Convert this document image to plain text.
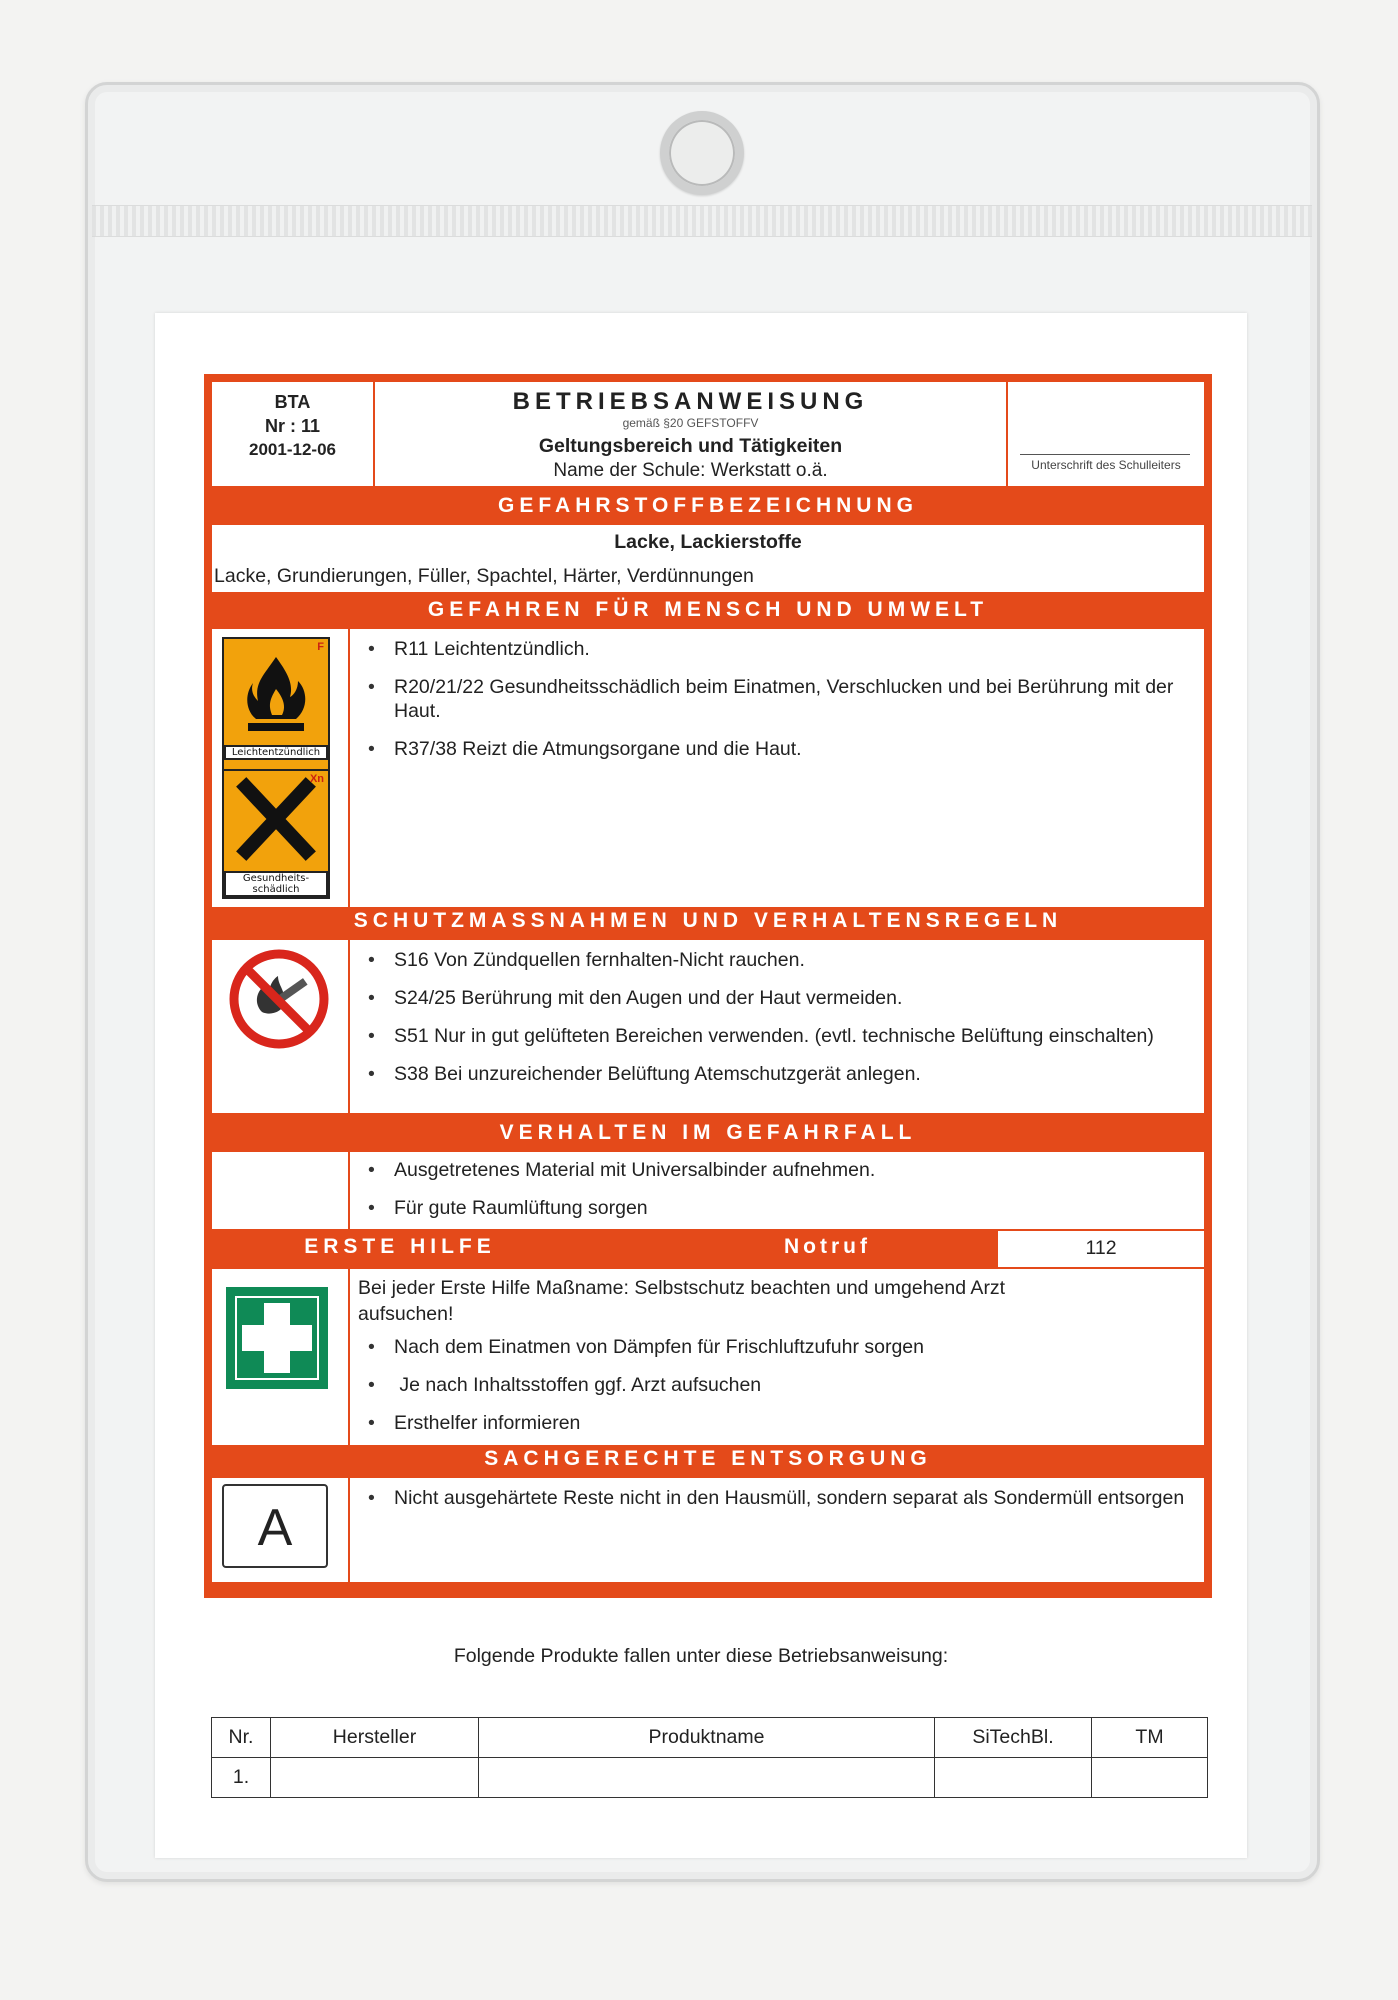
BTA
Nr : 11
2001-12-06
BETRIEBSANWEISUNG
gemäß §20 GEFSTOFFV
Geltungsbereich und Tätigkeiten
Name der Schule: Werkstatt o.ä.	Unterschrift des Schulleiters
GEFAHRSTOFFBEZEICHNUNG
Lacke, Lackierstoffe
Lacke, Grundierungen, Füller, Spachtel, Härter, Verdünnungen
GEFAHREN FÜR MENSCH UND UMWELT
F
Leichtentzündlich
Xn
Gesundheits-schädlich
• R11 Leichtentzündlich.
• R20/21/22 Gesundheitsschädlich beim Einatmen, Verschlucken und bei Berührung mit der Haut.
• R37/38 Reizt die Atmungsorgane und die Haut.
SCHUTZMASSNAHMEN UND VERHALTENSREGELN
• S16 Von Zündquellen fernhalten-Nicht rauchen.
• S24/25 Berührung mit den Augen und der Haut vermeiden.
• S51 Nur in gut gelüfteten Bereichen verwenden. (evtl. technische Belüftung einschalten)
• S38 Bei unzureichender Belüftung Atemschutzgerät anlegen.
VERHALTEN IM GEFAHRFALL
• Ausgetretenes Material mit Universalbinder aufnehmen.
• Für gute Raumlüftung sorgen
ERSTE HILFE	Notruf	112
Bei jeder Erste Hilfe Maßname: Selbstschutz beachten und umgehend Arzt aufsuchen!
• Nach dem Einatmen von Dämpfen für Frischluftzufuhr sorgen
•  Je nach Inhaltsstoffen ggf. Arzt aufsuchen
• Ersthelfer informieren
SACHGERECHTE ENTSORGUNG
A
• Nicht ausgehärtete Reste nicht in den Hausmüll, sondern separat als Sondermüll entsorgen
Folgende Produkte fallen unter diese Betriebsanweisung:
Nr.	Hersteller	Produktname	SiTechBl.	TM
1.				
